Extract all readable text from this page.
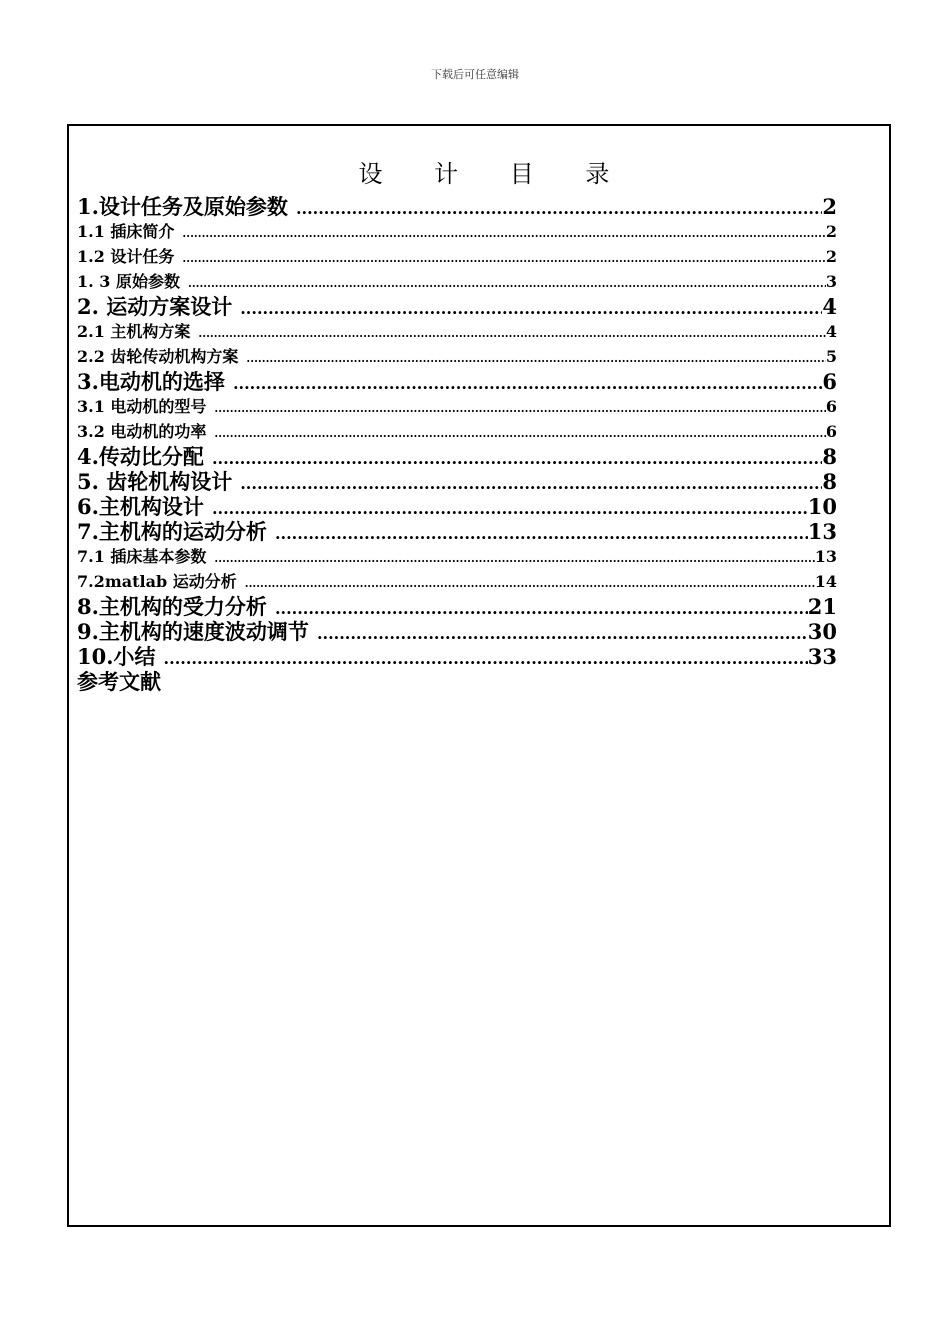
下载后可任意编辑
设 计 目 录
1.设计任务及原始参数 .....	2
1.1 插床简介 .....	2
1.2 设计任务 .....	2
1. 3 原始参数 .....	3
2. 运动方案设计 .....	4
2.1 主机构方案 .....	4
2.2 齿轮传动机构方案 .....	5
3.电动机的选择 .....	6
3.1 电动机的型号 .....	6
3.2 电动机的功率 .....	6
4.传动比分配 .....	8
5. 齿轮机构设计 .....	8
6.主机构设计 .....	10
7.主机构的运动分析 .....	13
7.1 插床基本参数 .....	13
7.2matlab 运动分析 .....	14
8.主机构的受力分析 .....	21
9.主机构的速度波动调节 .....	30
10.小结 .....	33
参考文献
